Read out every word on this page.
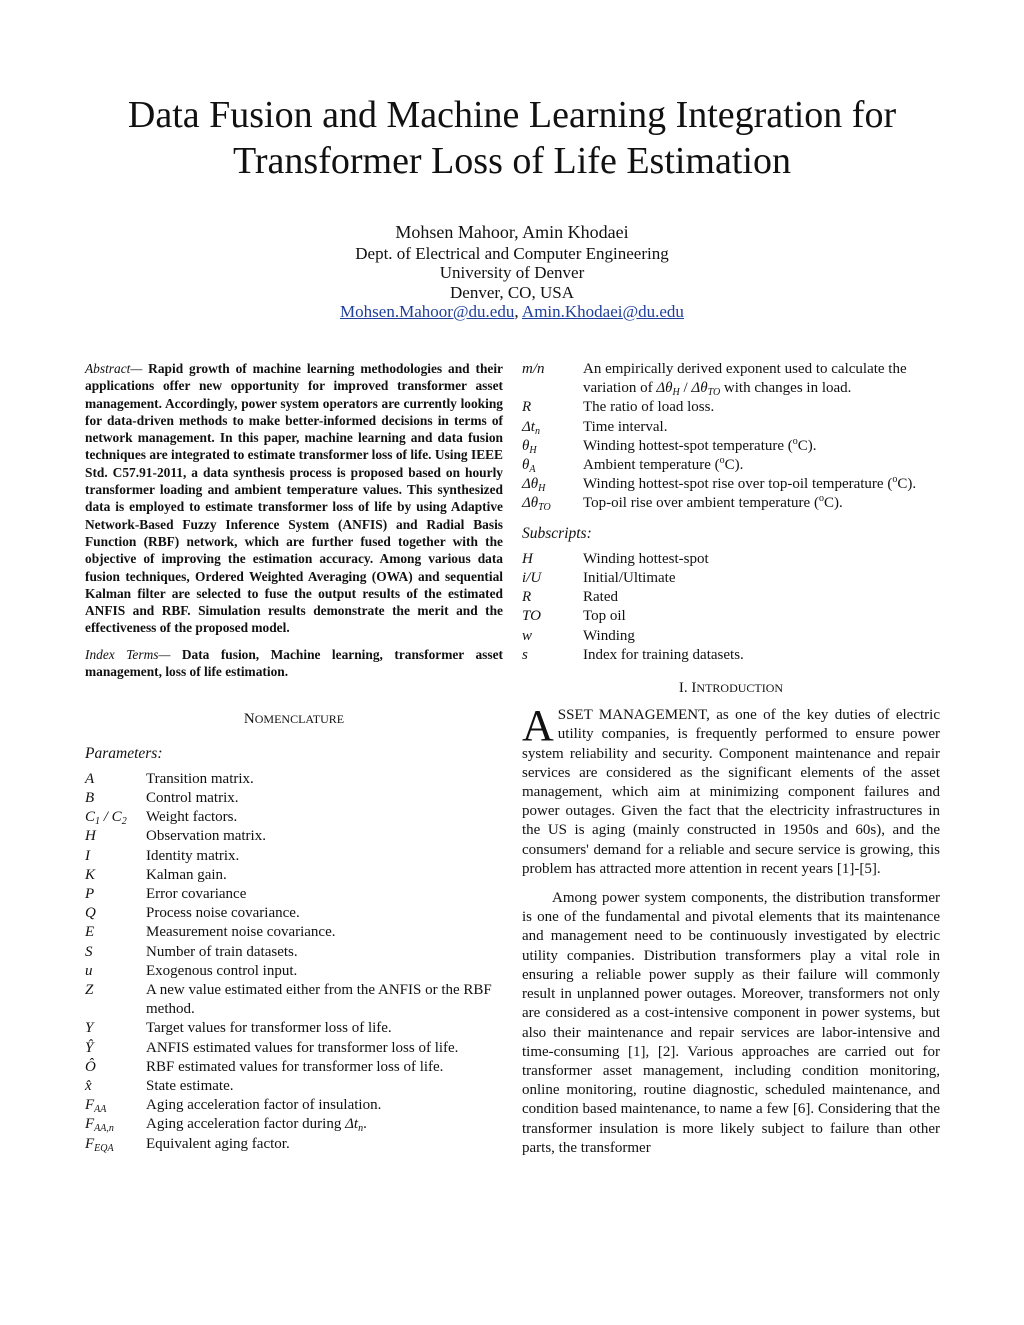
Data Fusion and Machine Learning Integration for Transformer Loss of Life Estimation
Mohsen Mahoor, Amin Khodaei
Dept. of Electrical and Computer Engineering
University of Denver
Denver, CO, USA
Mohsen.Mahoor@du.edu, Amin.Khodaei@du.edu

Abstract— Rapid growth of machine learning methodologies and their applications offer new opportunity for improved transformer asset management. Accordingly, power system operators are currently looking for data-driven methods to make better-informed decisions in terms of network management. In this paper, machine learning and data fusion techniques are integrated to estimate transformer loss of life. Using IEEE Std. C57.91-2011, a data synthesis process is proposed based on hourly transformer loading and ambient temperature values. This synthesized data is employed to estimate transformer loss of life by using Adaptive Network-Based Fuzzy Inference System (ANFIS) and Radial Basis Function (RBF) network, which are further fused together with the objective of improving the estimation accuracy. Among various data fusion techniques, Ordered Weighted Averaging (OWA) and sequential Kalman filter are selected to fuse the output results of the estimated ANFIS and RBF. Simulation results demonstrate the merit and the effectiveness of the proposed model.

Index Terms— Data fusion, Machine learning, transformer asset management, loss of life estimation.

NOMENCLATURE
Parameters:
A	Transition matrix.
B	Control matrix.
$C_1 / C_2$	Weight factors.
H	Observation matrix.
I	Identity matrix.
K	Kalman gain.
P	Error covariance
Q	Process noise covariance.
E	Measurement noise covariance.
S	Number of train datasets.
u	Exogenous control input.
Z	A new value estimated either from the ANFIS or the RBF method.
Y	Target values for transformer loss of life.
Ŷ	ANFIS estimated values for transformer loss of life.
Ô	RBF estimated values for transformer loss of life.
x̂	State estimate.
$F_{AA}$	Aging acceleration factor of insulation.
$F_{AA,n}$	Aging acceleration factor during $\Delta t_n$.
$F_{EQA}$	Equivalent aging factor.
m/n	An empirically derived exponent used to calculate the variation of $\Delta\theta_H / \Delta\theta_{TO}$ with changes in load.
R	The ratio of load loss.
$\Delta t_n$	Time interval.
$\theta_H$	Winding hottest-spot temperature ($^o$C).
$\theta_A$	Ambient temperature ($^o$C).
$\Delta\theta_H$	Winding hottest-spot rise over top-oil temperature ($^o$C).
$\Delta\theta_{TO}$	Top-oil rise over ambient temperature ($^o$C).
Subscripts:
H	Winding hottest-spot
i/U	Initial/Ultimate
R	Rated
TO	Top oil
w	Winding
s	Index for training datasets.
I. INTRODUCTION

ASSET MANAGEMENT, as one of the key duties of electric utility companies, is frequently performed to ensure power system reliability and security. Component maintenance and repair services are considered as the significant elements of the asset management, which aim at minimizing component failures and power outages. Given the fact that the electricity infrastructures in the US is aging (mainly constructed in 1950s and 60s), and the consumers' demand for a reliable and secure service is growing, this problem has attracted more attention in recent years [1]-[5].

Among power system components, the distribution transformer is one of the fundamental and pivotal elements that its maintenance and management need to be continuously investigated by electric utility companies. Distribution transformers play a vital role in ensuring a reliable power supply as their failure will commonly result in unplanned power outages. Moreover, transformers not only are considered as a cost-intensive component in power systems, but also their maintenance and repair services are labor-intensive and time-consuming [1], [2]. Various approaches are carried out for transformer asset management, including condition monitoring, online monitoring, routine diagnostic, scheduled maintenance, and condition based maintenance, to name a few [6]. Considering that the transformer insulation is more likely subject to failure than other parts, the transformer
